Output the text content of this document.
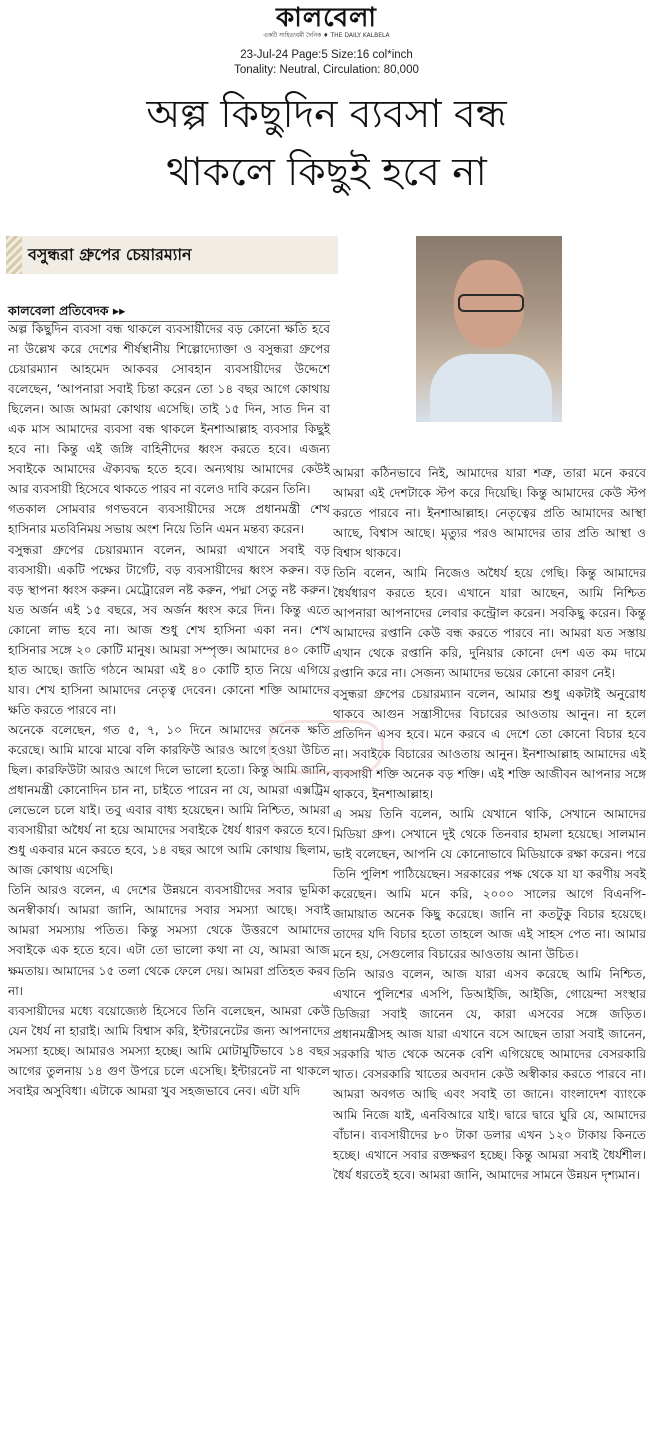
কালবেলা
একটি সাহিত্যধর্মী দৈনিক ♦ THE DAILY KALBELA
23-Jul-24 Page:5 Size:16 col*inch
Tonality: Neutral, Circulation: 80,000
অল্প কিছুদিন ব্যবসা বন্ধ
থাকলে কিছুই হবে না
বসুন্ধরা গ্রুপের চেয়ারম্যান
কালবেলা প্রতিবেদক ▸▸

অল্প কিছুদিন ব্যবসা বন্ধ থাকলে ব্যবসায়ীদের বড় কোনো ক্ষতি হবে না উল্লেখ করে দেশের শীর্ষস্থানীয় শিল্পোদ্যোক্তা ও বসুন্ধরা গ্রুপের চেয়ারম্যান আহমেদ আকবর সোবহান ব্যবসায়ীদের উদ্দেশে বলেছেন, ‘আপনারা সবাই চিন্তা করেন তো ১৪ বছর আগে কোথায় ছিলেন। আজ আমরা কোথায় এসেছি। তাই ১৫ দিন, সাত দিন বা এক মাস আমাদের ব্যবসা বন্ধ থাকলে ইনশাআল্লাহ ব্যবসার কিছুই হবে না। কিন্তু এই জঙ্গি বাহিনীদের ধ্বংস করতে হবে। এজন্য সবাইকে আমাদের ঐক্যবদ্ধ হতে হবে। অন্যথায় আমাদের কেউই আর ব্যবসায়ী হিসেবে থাকতে পারব না বলেও দাবি করেন তিনি।

গতকাল সোমবার গণভবনে ব্যবসায়ীদের সঙ্গে প্রধানমন্ত্রী শেখ হাসিনার মতবিনিময় সভায় অংশ নিয়ে তিনি এমন মন্তব্য করেন।

বসুন্ধরা গ্রুপের চেয়ারম্যান বলেন, আমরা এখানে সবাই বড় ব্যবসায়ী। একটি পক্ষের টার্গেট, বড় ব্যবসায়ীদের ধ্বংস করুন। বড় বড় স্থাপনা ধ্বংস করুন। মেট্রোরেল নষ্ট করুন, পদ্মা সেতু নষ্ট করুন। যত অর্জন এই ১৫ বছরে, সব অর্জন ধ্বংস করে দিন। কিন্তু এতে কোনো লাভ হবে না। আজ শুধু শেখ হাসিনা একা নন। শেখ হাসিনার সঙ্গে ২০ কোটি মানুষ। আমরা সম্পৃক্ত। আমাদের ৪০ কোটি হাত আছে। জাতি গঠনে আমরা এই ৪০ কোটি হাত নিয়ে এগিয়ে যাব। শেখ হাসিনা আমাদের নেতৃত্ব দেবেন। কোনো শক্তি আমাদের ক্ষতি করতে পারবে না।

অনেকে বলেছেন, গত ৫, ৭, ১০ দিনে আমাদের অনেক ক্ষতি করেছে। আমি মাঝে মাঝে বলি কারফিউ আরও আগে হওয়া উচিত ছিল। কারফিউটা আরও আগে দিলে ভালো হতো। কিন্তু আমি জানি, প্রধানমন্ত্রী কোনোদিন চান না, চাইতে পারেন না যে, আমরা এক্সট্রিম লেভেলে চলে যাই। তবু এবার বাধ্য হয়েছেন। আমি নিশ্চিত, আমরা ব্যবসায়ীরা অধৈর্য না হয়ে আমাদের সবাইকে ধৈর্য ধারণ করতে হবে। শুধু একবার মনে করতে হবে, ১৪ বছর আগে আমি কোথায় ছিলাম, আজ কোথায় এসেছি।

তিনি আরও বলেন, এ দেশের উন্নয়নে ব্যবসায়ীদের সবার ভূমিকা অনস্বীকার্য। আমরা জানি, আমাদের সবার সমস্যা আছে। সবাই আমরা সমস্যায় পতিত। কিন্তু সমস্যা থেকে উত্তরণে আমাদের সবাইকে এক হতে হবে। এটা তো ভালো কথা না যে, আমরা আজ ক্ষমতায়। আমাদের ১৫ তলা থেকে ফেলে দেয়। আমরা প্রতিহত করব না।

ব্যবসায়ীদের মধ্যে বয়োজ্যেষ্ঠ হিসেবে তিনি বলেছেন, আমরা কেউ যেন ধৈর্য না হারাই। আমি বিশ্বাস করি, ইন্টারনেটের জন্য আপনাদের সমস্যা হচ্ছে। আমারও সমস্যা হচ্ছে। আমি মোটামুটিভাবে ১৪ বছর আগের তুলনায় ১৪ গুণ উপরে চলে এসেছি। ইন্টারনেট না থাকলে সবাইর অসুবিধা। এটাকে আমরা খুব সহজভাবে নেব। এটা যদি

আমরা কঠিনভাবে নিই, আমাদের যারা শত্রু, তারা মনে করবে আমরা এই দেশটাকে স্টপ করে দিয়েছি। কিন্তু আমাদের কেউ স্টপ করতে পারবে না। ইনশাআল্লাহ। নেতৃত্বের প্রতি আমাদের আস্থা আছে, বিশ্বাস আছে। মৃত্যুর পরও আমাদের তার প্রতি আস্থা ও বিশ্বাস থাকবে।

তিনি বলেন, আমি নিজেও অধৈর্য হয়ে গেছি। কিন্তু আমাদের ধৈর্যধারণ করতে হবে। এখানে যারা আছেন, আমি নিশ্চিত আপনারা আপনাদের লেবার কন্ট্রোল করেন। সবকিছু করেন। কিন্তু আমাদের রপ্তানি কেউ বন্ধ করতে পারবে না। আমরা যত সস্তায় এখান থেকে রপ্তানি করি, দুনিয়ার কোনো দেশ এত কম দামে রপ্তানি করে না। সেজন্য আমাদের ভয়ের কোনো কারণ নেই।

বসুন্ধরা গ্রুপের চেয়ারম্যান বলেন, আমার শুধু একটাই অনুরোধ থাকবে আগুন সন্ত্রাসীদের বিচারের আওতায় আনুন। না হলে প্রতিদিন এসব হবে। মনে করবে এ দেশে তো কোনো বিচার হবে না। সবাইকে বিচারের আওতায় আনুন। ইনশাআল্লাহ আমাদের এই ব্যবসায়ী শক্তি অনেক বড় শক্তি। এই শক্তি আজীবন আপনার সঙ্গে থাকবে, ইনশাআল্লাহ।

এ সময় তিনি বলেন, আমি যেখানে থাকি, সেখানে আমাদের মিডিয়া গ্রুপ। সেখানে দুই থেকে তিনবার হামলা হয়েছে। সালমান ভাই বলেছেন, আপনি যে কোনোভাবে মিডিয়াকে রক্ষা করেন। পরে তিনি পুলিশ পাঠিয়েছেন। সরকারের পক্ষ থেকে যা যা করণীয় সবই করেছেন। আমি মনে করি, ২০০০ সালের আগে বিএনপি-জামায়াত অনেক কিছু করেছে। জানি না কতটুকু বিচার হয়েছে। তাদের যদি বিচার হতো তাহলে আজ এই সাহস পেত না। আমার মনে হয়, সেগুলোর বিচারের আওতায় আনা উচিত।

তিনি আরও বলেন, আজ যারা এসব করেছে আমি নিশ্চিত, এখানে পুলিশের এসপি, ডিআইজি, আইজি, গোয়েন্দা সংস্থার ডিজিরা সবাই জানেন যে, কারা এসবের সঙ্গে জড়িত। প্রধানমন্ত্রীসহ আজ যারা এখানে বসে আছেন তারা সবাই জানেন, সরকারি খাত থেকে অনেক বেশি এগিয়েছে আমাদের বেসরকারি খাত। বেসরকারি খাতের অবদান কেউ অস্বীকার করতে পারবে না। আমরা অবগত আছি এবং সবাই তা জানে। বাংলাদেশ ব্যাংকে আমি নিজে যাই, এনবিআরে যাই। দ্বারে দ্বারে ঘুরি যে, আমাদের বাঁচান। ব্যবসায়ীদের ৮০ টাকা ডলার এখন ১২০ টাকায় কিনতে হচ্ছে। এখানে সবার রক্তক্ষরণ হচ্ছে। কিন্তু আমরা সবাই ধৈর্যশীল। ধৈর্য ধরতেই হবে। আমরা জানি, আমাদের সামনে উন্নয়ন দৃশ্যমান।
